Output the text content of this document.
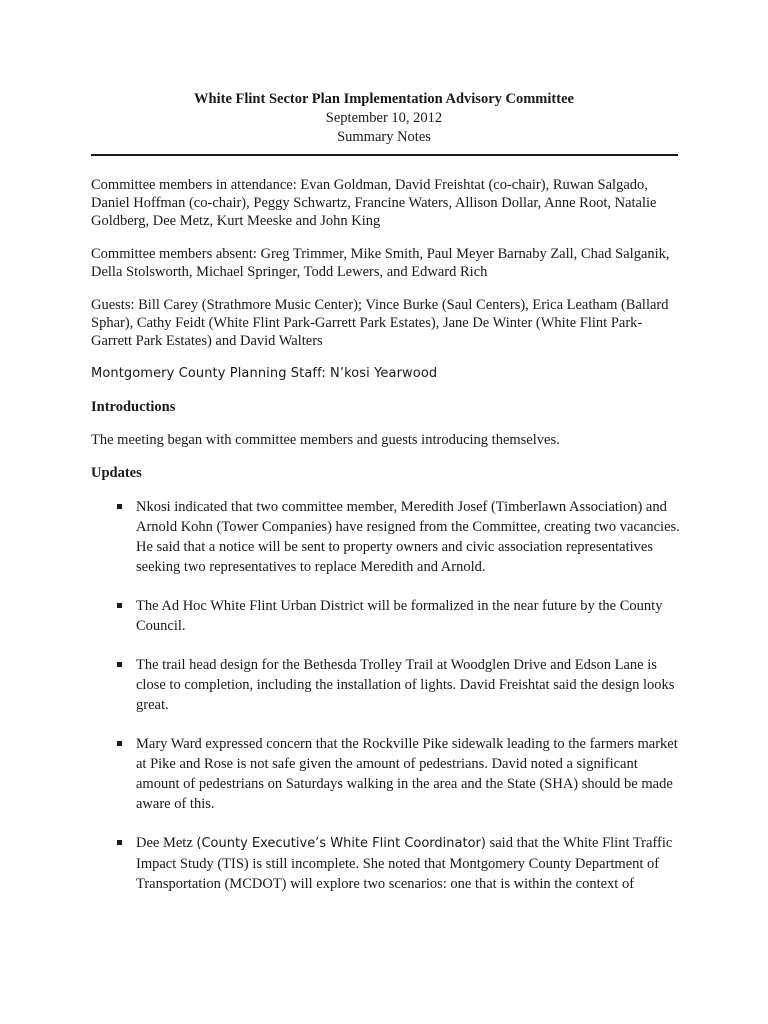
White Flint Sector Plan Implementation Advisory Committee
September 10, 2012
Summary Notes

Committee members in attendance: Evan Goldman, David Freishtat (co-chair), Ruwan Salgado, Daniel Hoffman (co-chair), Peggy Schwartz, Francine Waters, Allison Dollar, Anne Root, Natalie Goldberg, Dee Metz, Kurt Meeske and John King

Committee members absent: Greg Trimmer, Mike Smith, Paul Meyer Barnaby Zall, Chad Salganik, Della Stolsworth, Michael Springer, Todd Lewers, and Edward Rich

Guests: Bill Carey (Strathmore Music Center); Vince Burke (Saul Centers), Erica Leatham (Ballard Sphar), Cathy Feidt (White Flint Park-Garrett Park Estates), Jane De Winter (White Flint Park-Garrett Park Estates) and David Walters

Montgomery County Planning Staff: N’kosi Yearwood

Introductions

The meeting began with committee members and guests introducing themselves.

Updates
Nkosi indicated that two committee member, Meredith Josef (Timberlawn Association) and Arnold Kohn (Tower Companies) have resigned from the Committee, creating two vacancies. He said that a notice will be sent to property owners and civic association representatives seeking two representatives to replace Meredith and Arnold.
The Ad Hoc White Flint Urban District will be formalized in the near future by the County Council.
The trail head design for the Bethesda Trolley Trail at Woodglen Drive and Edson Lane is close to completion, including the installation of lights. David Freishtat said the design looks great.
Mary Ward expressed concern that the Rockville Pike sidewalk leading to the farmers market at Pike and Rose is not safe given the amount of pedestrians. David noted a significant amount of pedestrians on Saturdays walking in the area and the State (SHA) should be made aware of this.
Dee Metz (County Executive’s White Flint Coordinator) said that the White Flint Traffic Impact Study (TIS) is still incomplete. She noted that Montgomery County Department of Transportation (MCDOT) will explore two scenarios: one that is within the context of
